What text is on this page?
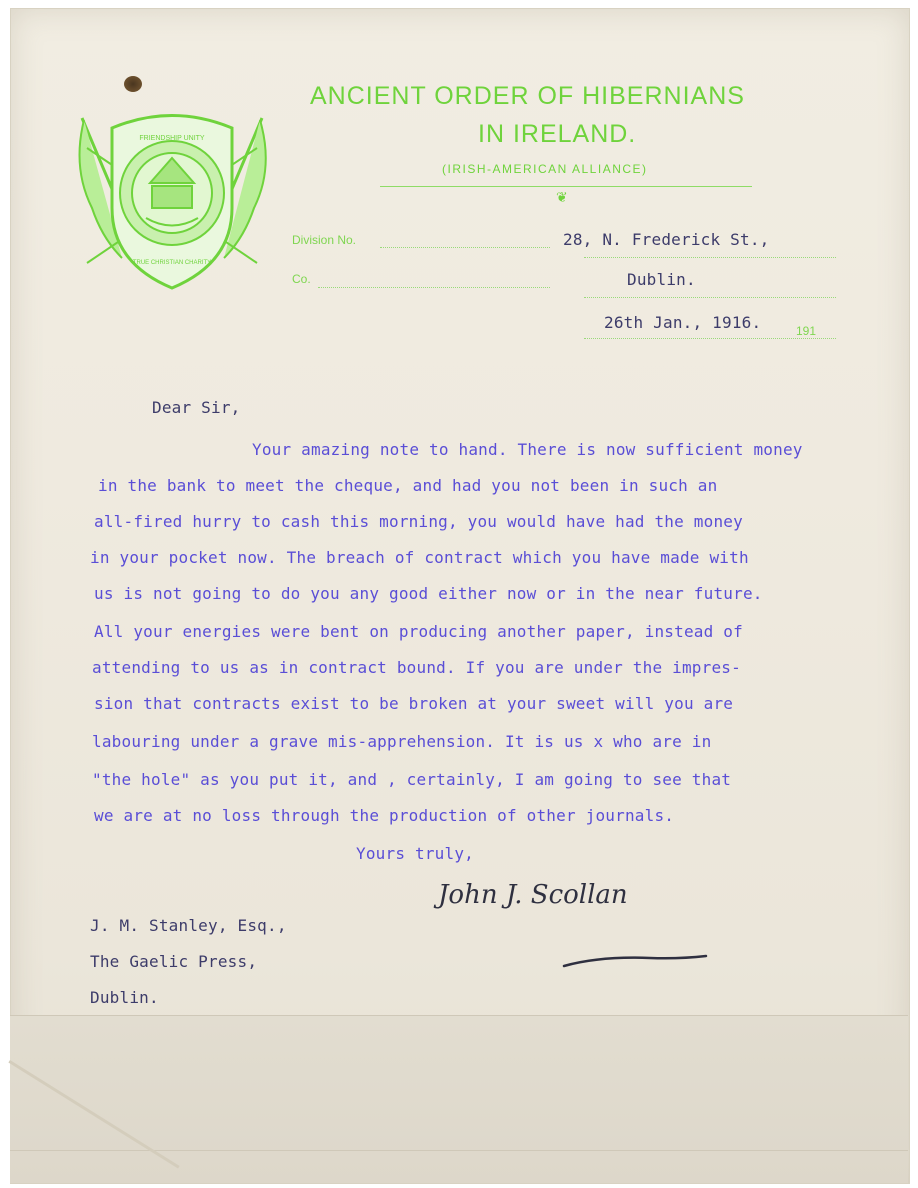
FRIENDSHIP UNITY
TRUE CHRISTIAN CHARITY
ANCIENT ORDER OF HIBERNIANS
IN IRELAND.
(IRISH-AMERICAN ALLIANCE)
❦
Division No.
Co.
191
28, N. Frederick St.,
Dublin.
26th Jan., 1916.
Dear Sir,
Your amazing note to hand. There is now sufficient money
in the bank to meet the cheque, and had you not been in such an
all-fired hurry to cash this morning, you would have had the money
in your pocket now. The breach of contract which you have made with
us is not going to do you any good either now or in the near future.
All your energies were bent on producing another paper, instead of
attending to us as in contract bound. If you are under the impres-
sion that contracts exist to be broken at your sweet will you are
labouring under a grave mis-apprehension. It is us x who are in
"the hole" as you put it, and , certainly, I am going to see that
we are at no loss through the production of other journals.
Yours truly,
John J. Scollan
J. M. Stanley, Esq.,
The Gaelic Press,
Dublin.
